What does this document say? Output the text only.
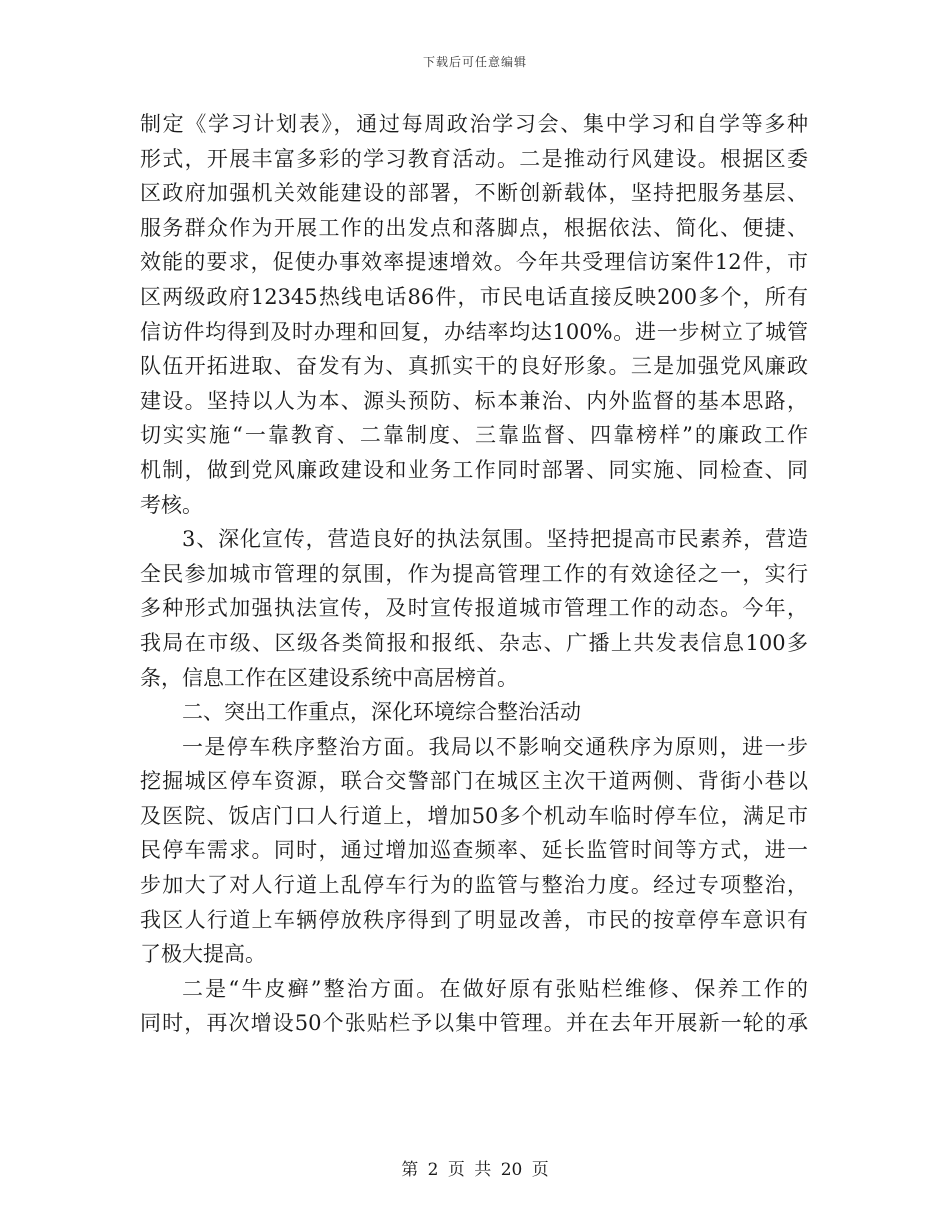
下载后可任意编辑
制定《学习计划表》，通过每周政治学习会、集中学习和自学等多种
形式，开展丰富多彩的学习教育活动。二是推动行风建设。根据区委
区政府加强机关效能建设的部署，不断创新载体，坚持把服务基层、
服务群众作为开展工作的出发点和落脚点，根据依法、简化、便捷、
效能的要求，促使办事效率提速增效。今年共受理信访案件12件，市
区两级政府12345热线电话86件，市民电话直接反映200多个，所有
信访件均得到及时办理和回复，办结率均达100%。进一步树立了城管
队伍开拓进取、奋发有为、真抓实干的良好形象。三是加强党风廉政
建设。坚持以人为本、源头预防、标本兼治、内外监督的基本思路，
切实实施“一靠教育、二靠制度、三靠监督、四靠榜样”的廉政工作
机制，做到党风廉政建设和业务工作同时部署、同实施、同检查、同
考核。
3、深化宣传，营造良好的执法氛围。坚持把提高市民素养，营造
全民参加城市管理的氛围，作为提高管理工作的有效途径之一，实行
多种形式加强执法宣传，及时宣传报道城市管理工作的动态。今年，
我局在市级、区级各类简报和报纸、杂志、广播上共发表信息100多
条，信息工作在区建设系统中高居榜首。
二、突出工作重点，深化环境综合整治活动
一是停车秩序整治方面。我局以不影响交通秩序为原则，进一步
挖掘城区停车资源，联合交警部门在城区主次干道两侧、背街小巷以
及医院、饭店门口人行道上，增加50多个机动车临时停车位，满足市
民停车需求。同时，通过增加巡查频率、延长监管时间等方式，进一
步加大了对人行道上乱停车行为的监管与整治力度。经过专项整治，
我区人行道上车辆停放秩序得到了明显改善，市民的按章停车意识有
了极大提高。
二是“牛皮癣”整治方面。在做好原有张贴栏维修、保养工作的
同时，再次增设50个张贴栏予以集中管理。并在去年开展新一轮的承
第 2 页 共 20 页
